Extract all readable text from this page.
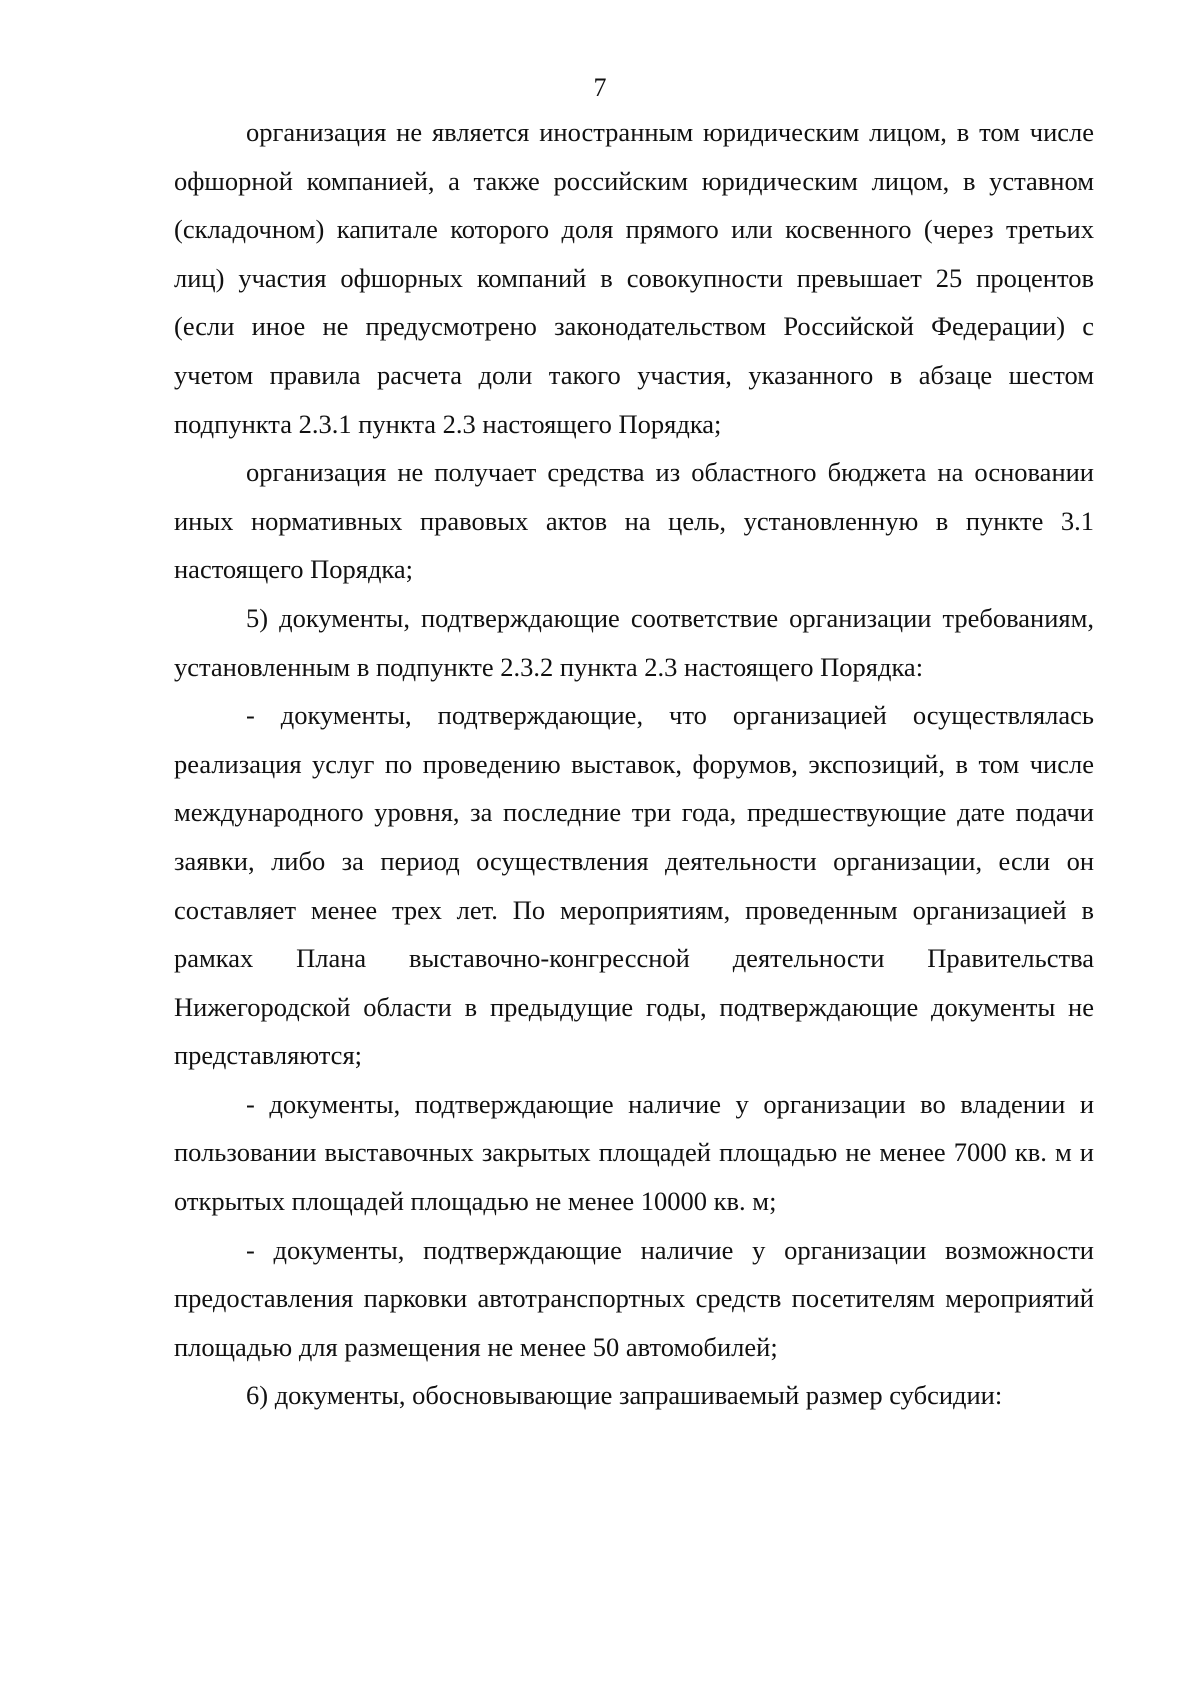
7

организация не является иностранным юридическим лицом, в том числе офшорной компанией, а также российским юридическим лицом, в уставном (складочном) капитале которого доля прямого или косвенного (через третьих лиц) участия офшорных компаний в совокупности превышает 25 процентов (если иное не предусмотрено законодательством Российской Федерации) с учетом правила расчета доли такого участия, указанного в абзаце шестом подпункта 2.3.1 пункта 2.3 настоящего Порядка;

организация не получает средства из областного бюджета на основании иных нормативных правовых актов на цель, установленную в пункте 3.1 настоящего Порядка;

5) документы, подтверждающие соответствие организации требованиям, установленным в подпункте 2.3.2 пункта 2.3 настоящего Порядка:

- документы, подтверждающие, что организацией осуществлялась реализация услуг по проведению выставок, форумов, экспозиций, в том числе международного уровня, за последние три года, предшествующие дате подачи заявки, либо за период осуществления деятельности организации, если он составляет менее трех лет. По мероприятиям, проведенным организацией в рамках Плана выставочно-конгрессной деятельности Правительства Нижегородской области в предыдущие годы, подтверждающие документы не представляются;

- документы, подтверждающие наличие у организации во владении и пользовании выставочных закрытых площадей площадью не менее 7000 кв. м и открытых площадей площадью не менее 10000 кв. м;

- документы, подтверждающие наличие у организации возможности предоставления парковки автотранспортных средств посетителям мероприятий площадью для размещения не менее 50 автомобилей;

6) документы, обосновывающие запрашиваемый размер субсидии:
